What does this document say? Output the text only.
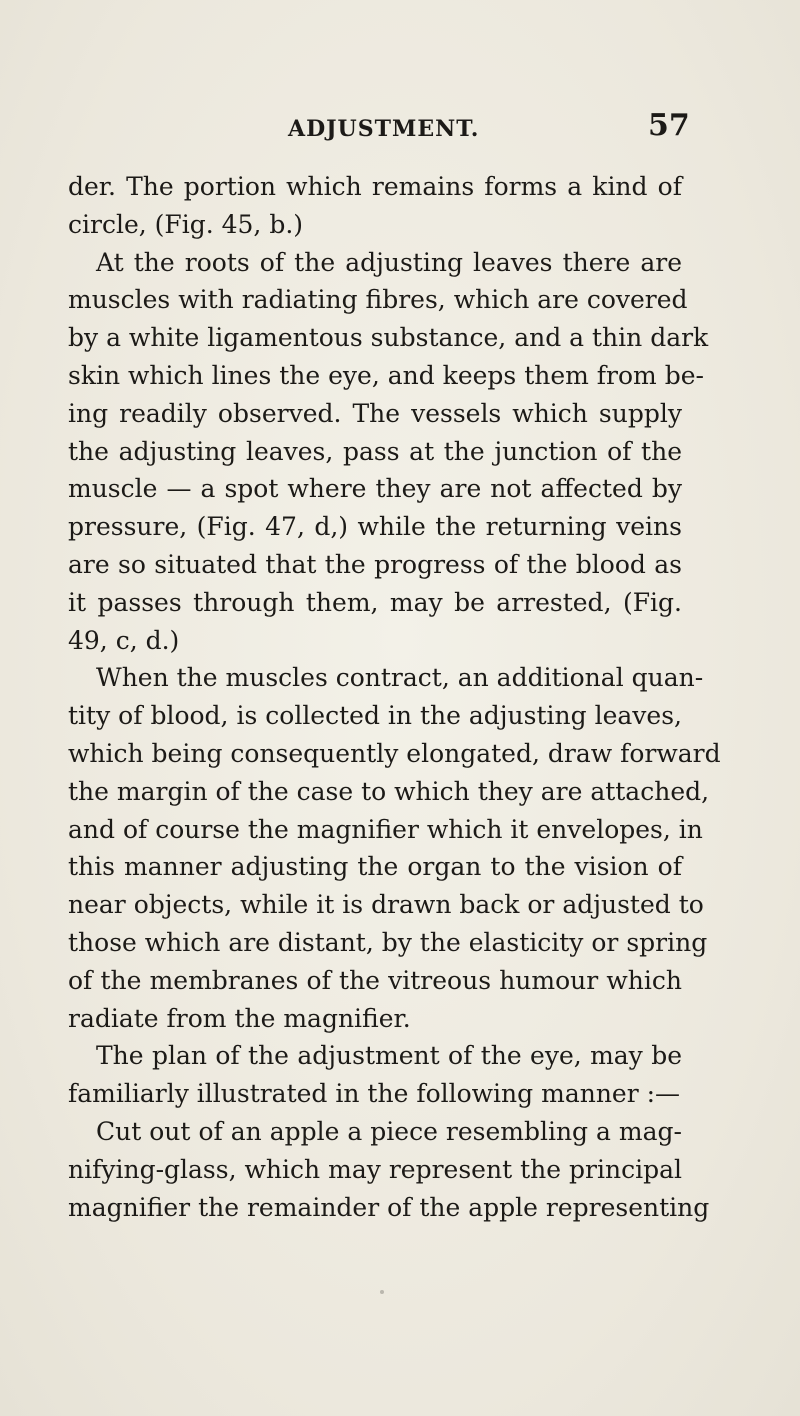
ADJUSTMENT.	57
der. The portion which remains forms a kind of
circle, (Fig. 45, b.)
At the roots of the adjusting leaves there are
muscles with radiating fibres, which are covered
by a white ligamentous substance, and a thin dark
skin which lines the eye, and keeps them from be-
ing readily observed. The vessels which supply
the adjusting leaves, pass at the junction of the
muscle — a spot where they are not affected by
pressure, (Fig. 47, d,) while the returning veins
are so situated that the progress of the blood as
it passes through them, may be arrested, (Fig.
49, c, d.)
When the muscles contract, an additional quan-
tity of blood, is collected in the adjusting leaves,
which being consequently elongated, draw forward
the margin of the case to which they are attached,
and of course the magnifier which it envelopes, in
this manner adjusting the organ to the vision of
near objects, while it is drawn back or adjusted to
those which are distant, by the elasticity or spring
of the membranes of the vitreous humour which
radiate from the magnifier.
The plan of the adjustment of the eye, may be
familiarly illustrated in the following manner :—
Cut out of an apple a piece resembling a mag-
nifying-glass, which may represent the principal
magnifier the remainder of the apple representing
